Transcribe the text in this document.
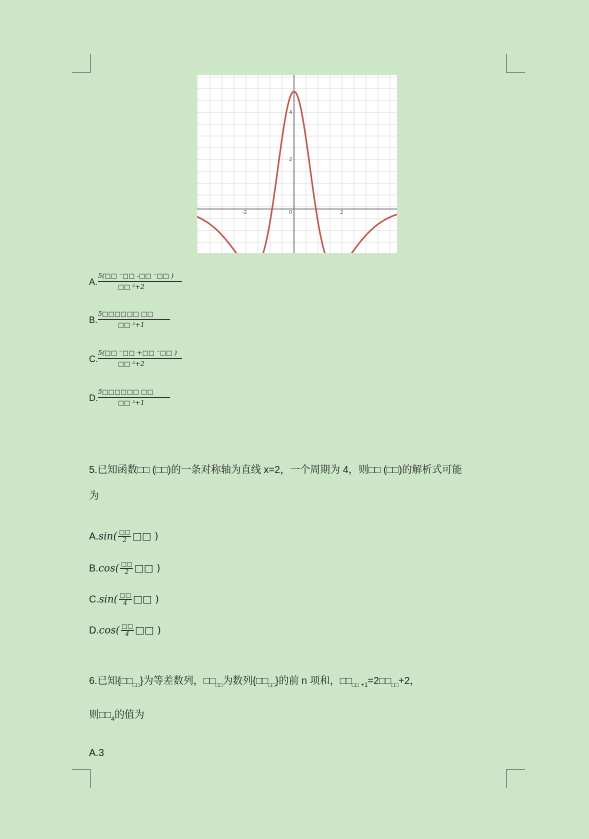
-2	0	2
2
4
A.
5(□□ ⁻□□ -□□ ⁻□□ )
□□ ²+2
B.
5□□□□□□ □□
□□ ²+1
C.
5(□□ ⁻□□ +□□ ⁻□□ )
□□ ²+2
D.
5□□□□□□ □□
□□ ²+1
5.已知函数□□ (□□)的一条对称轴为直线 x=2，一个周期为 4，则□□ (□□)的解析式可能
为
A.sin( □□
2 □□ )
B.cos( □□
2 □□ )
C.sin( □□
4 □□ )
D.cos( □□
4 □□ )
6.已知$\{□□_{□□}\}$为等差数列，$□□_{□□}$为数列$\{□□_{□□}\}$的前 n 项和，$□□_{□□ +1}=2□□_{□□}+2$，
则$□□_4$的值为
A.3
